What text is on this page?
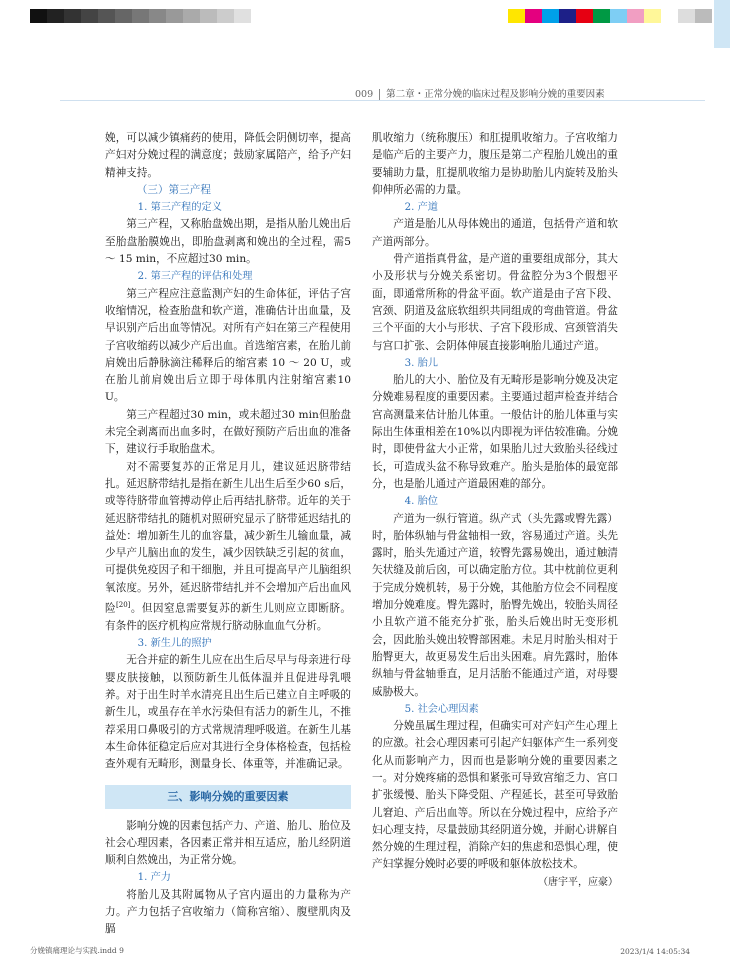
009 第二章・正常分娩的临床过程及影响分娩的重要因素

娩，可以减少镇痛药的使用，降低会阴侧切率，提高产妇对分娩过程的满意度；鼓励家属陪产，给予产妇精神支持。

（三）第三产程

1. 第三产程的定义

第三产程，又称胎盘娩出期，是指从胎儿娩出后至胎盘胎膜娩出，即胎盘剥离和娩出的全过程，需5 ～ 15 min，不应超过30 min。

2. 第三产程的评估和处理

第三产程应注意监测产妇的生命体征，评估子宫收缩情况，检查胎盘和软产道，准确估计出血量，及早识别产后出血等情况。对所有产妇在第三产程使用子宫收缩药以减少产后出血。首选缩宫素，在胎儿前肩娩出后静脉滴注稀释后的缩宫素 10 ～ 20 U，或在胎儿前肩娩出后立即于母体肌内注射缩宫素10 U。

第三产程超过30 min，或未超过30 min但胎盘未完全剥离而出血多时，在做好预防产后出血的准备下，建议行手取胎盘术。

对不需要复苏的正常足月儿，建议延迟脐带结扎。延迟脐带结扎是指在新生儿出生后至少60 s后，或等待脐带血管搏动停止后再结扎脐带。近年的关于延迟脐带结扎的随机对照研究显示了脐带延迟结扎的益处：增加新生儿的血容量，减少新生儿输血量，减少早产儿脑出血的发生，减少因铁缺乏引起的贫血，可提供免疫因子和干细胞，并且可提高早产儿脑组织氧浓度。另外，延迟脐带结扎并不会增加产后出血风险[20]。但因窒息需要复苏的新生儿则应立即断脐。有条件的医疗机构应常规行脐动脉血血气分析。

3. 新生儿的照护

无合并症的新生儿应在出生后尽早与母亲进行母婴皮肤接触，以预防新生儿低体温并且促进母乳喂养。对于出生时羊水清亮且出生后已建立自主呼吸的新生儿，或虽存在羊水污染但有活力的新生儿，不推荐采用口鼻吸引的方式常规清理呼吸道。在新生儿基本生命体征稳定后应对其进行全身体格检查，包括检查外观有无畸形，测量身长、体重等，并准确记录。

三、影响分娩的重要因素

影响分娩的因素包括产力、产道、胎儿、胎位及社会心理因素，各因素正常并相互适应，胎儿经阴道顺利自然娩出，为正常分娩。

1. 产力

将胎儿及其附属物从子宫内逼出的力量称为产力。产力包括子宫收缩力（简称宫缩）、腹壁肌肉及膈

肌收缩力（统称腹压）和肛提肌收缩力。子宫收缩力是临产后的主要产力，腹压是第二产程胎儿娩出的重要辅助力量，肛提肌收缩力是协助胎儿内旋转及胎头仰伸所必需的力量。

2. 产道

产道是胎儿从母体娩出的通道，包括骨产道和软产道两部分。

骨产道指真骨盆，是产道的重要组成部分，其大小及形状与分娩关系密切。骨盆腔分为3个假想平面，即通常所称的骨盆平面。软产道是由子宫下段、宫颈、阴道及盆底软组织共同组成的弯曲管道。骨盆三个平面的大小与形状、子宫下段形成、宫颈管消失与宫口扩张、会阴体伸展直接影响胎儿通过产道。

3. 胎儿

胎儿的大小、胎位及有无畸形是影响分娩及决定分娩难易程度的重要因素。主要通过超声检查并结合宫高测量来估计胎儿体重。一般估计的胎儿体重与实际出生体重相差在10%以内即视为评估较准确。分娩时，即使骨盆大小正常，如果胎儿过大致胎头径线过长，可造成头盆不称导致难产。胎头是胎体的最宽部分，也是胎儿通过产道最困难的部分。

4. 胎位

产道为一纵行管道。纵产式（头先露或臀先露）时，胎体纵轴与骨盆轴相一致，容易通过产道。头先露时，胎头先通过产道，较臀先露易娩出，通过触清矢状缝及前后囟，可以确定胎方位。其中枕前位更利于完成分娩机转，易于分娩，其他胎方位会不同程度增加分娩难度。臀先露时，胎臀先娩出，较胎头周径小且软产道不能充分扩张，胎头后娩出时无变形机会，因此胎头娩出较臀部困难。未足月时胎头相对于胎臀更大，故更易发生后出头困难。肩先露时，胎体纵轴与骨盆轴垂直，足月活胎不能通过产道，对母婴威胁极大。

5. 社会心理因素

分娩虽属生理过程，但确实可对产妇产生心理上的应激。社会心理因素可引起产妇躯体产生一系列变化从而影响产力，因而也是影响分娩的重要因素之一。对分娩疼痛的恐惧和紧张可导致宫缩乏力、宫口扩张缓慢、胎头下降受阻、产程延长，甚至可导致胎儿窘迫、产后出血等。所以在分娩过程中，应给予产妇心理支持，尽量鼓励其经阴道分娩，并耐心讲解自然分娩的生理过程，消除产妇的焦虑和恐惧心理，使产妇掌握分娩时必要的呼吸和躯体放松技术。

（唐宇平，应豪）

分娩镇痛理论与实践.indd 9	2023/1/4 14:05:34
